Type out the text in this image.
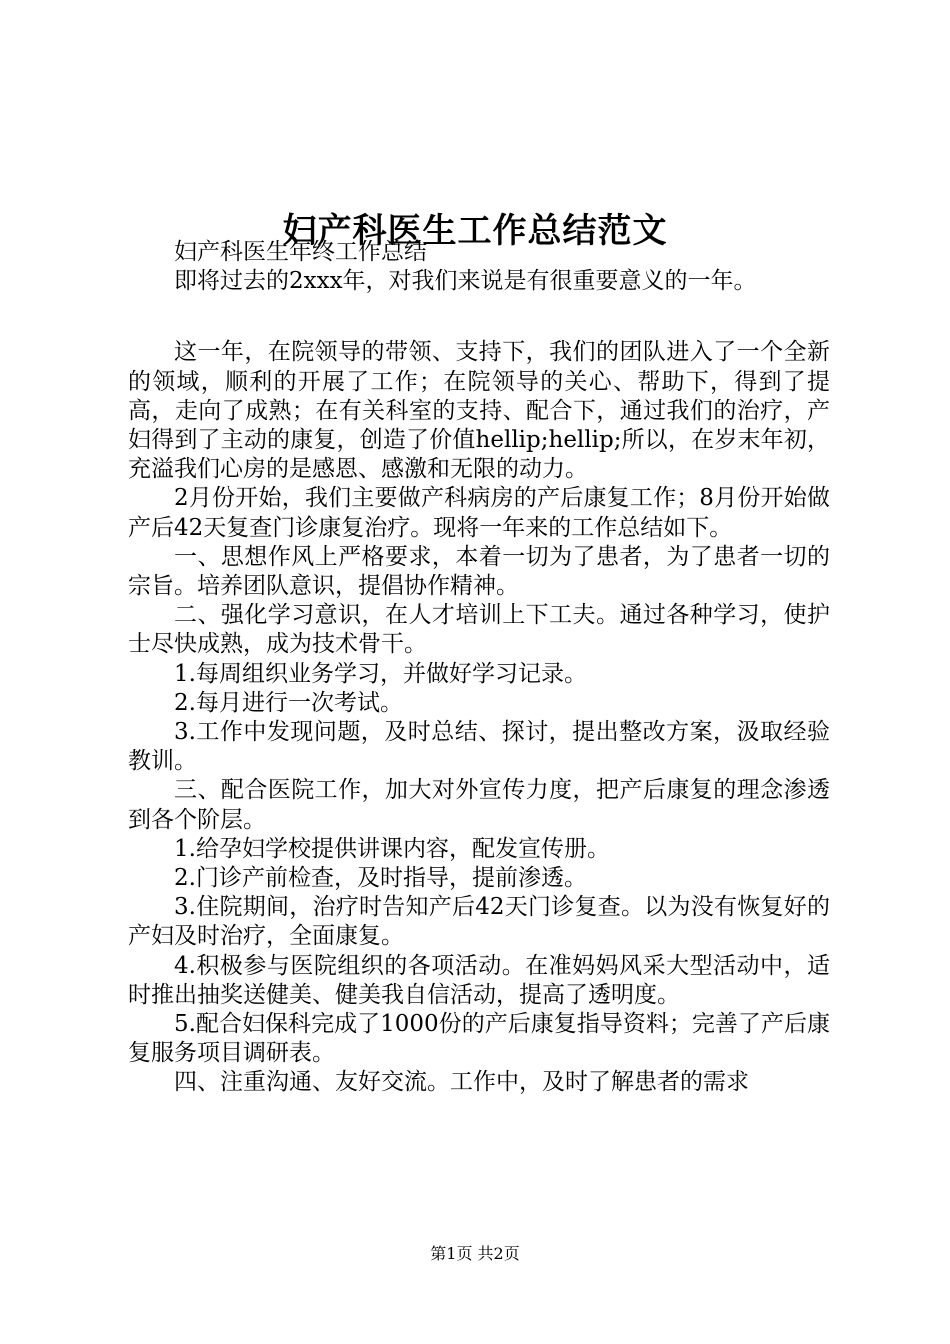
妇产科医生工作总结范文

妇产科医生年终工作总结

即将过去的2xxx年，对我们来说是有很重要意义的一年。

这一年，在院领导的带领、支持下，我们的团队进入了一个全新的领域，顺利的开展了工作；在院领导的关心、帮助下，得到了提高，走向了成熟；在有关科室的支持、配合下，通过我们的治疗，产妇得到了主动的康复，创造了价值hellip;hellip;所以，在岁末年初，充溢我们心房的是感恩、感激和无限的动力。

2月份开始，我们主要做产科病房的产后康复工作；8月份开始做产后42天复查门诊康复治疗。现将一年来的工作总结如下。

一、思想作风上严格要求，本着一切为了患者，为了患者一切的宗旨。培养团队意识，提倡协作精神。

二、强化学习意识，在人才培训上下工夫。通过各种学习，使护士尽快成熟，成为技术骨干。

1.每周组织业务学习，并做好学习记录。

2.每月进行一次考试。

3.工作中发现问题，及时总结、探讨，提出整改方案，汲取经验教训。

三、配合医院工作，加大对外宣传力度，把产后康复的理念渗透到各个阶层。

1.给孕妇学校提供讲课内容，配发宣传册。

2.门诊产前检查，及时指导，提前渗透。

3.住院期间，治疗时告知产后42天门诊复查。以为没有恢复好的产妇及时治疗，全面康复。

4.积极参与医院组织的各项活动。在准妈妈风采大型活动中，适时推出抽奖送健美、健美我自信活动，提高了透明度。

5.配合妇保科完成了1000份的产后康复指导资料；完善了产后康复服务项目调研表。

四、注重沟通、友好交流。工作中，及时了解患者的需求

第1页 共2页
